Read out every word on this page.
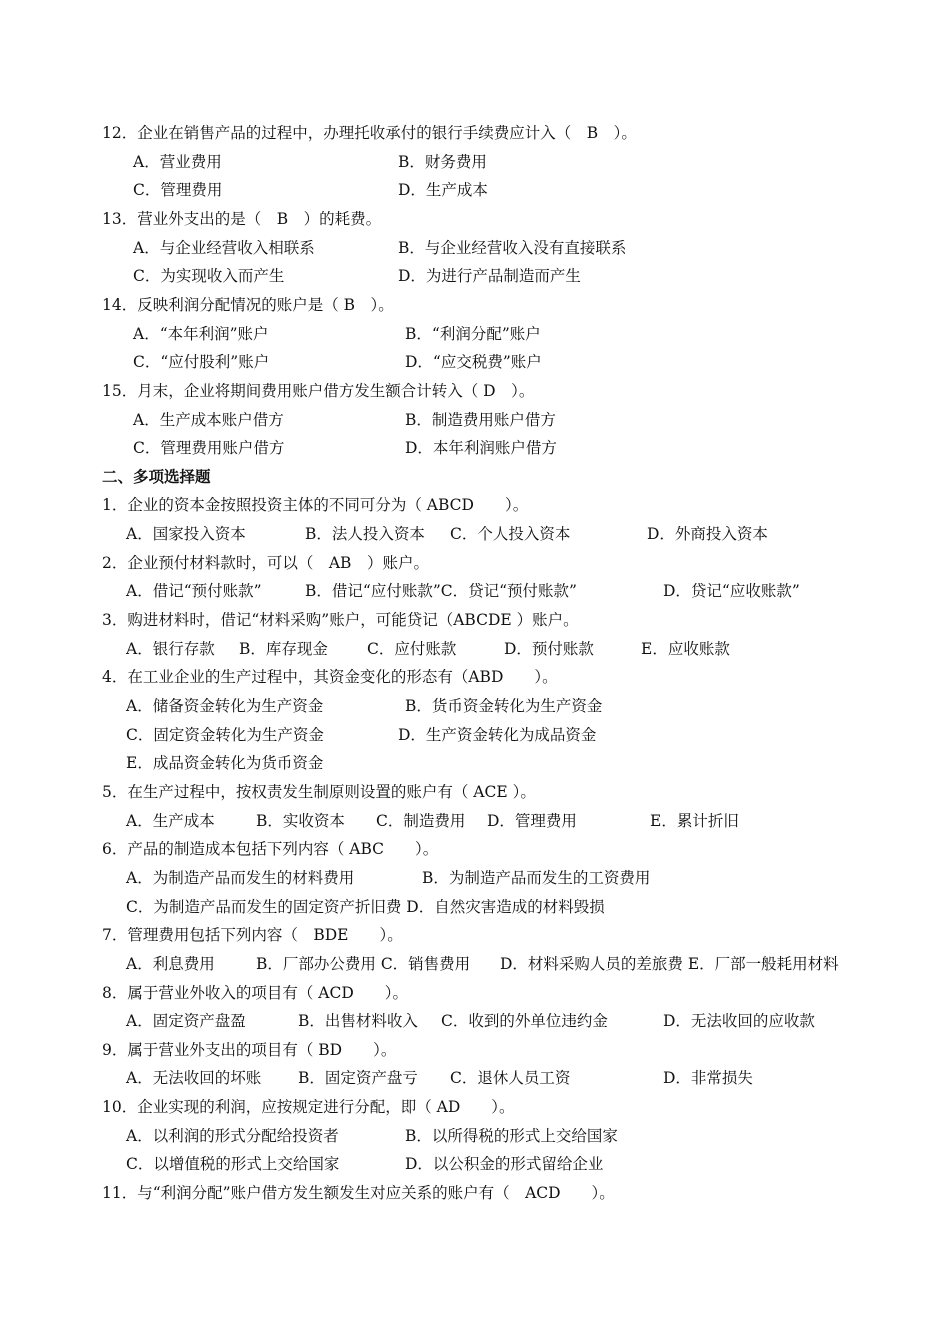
12．企业在销售产品的过程中，办理托收承付的银行手续费应计入（　B　）。
A．营业费用	B．财务费用
C．管理费用	D．生产成本
13．营业外支出的是（　B　）的耗费。
A．与企业经营收入相联系	B．与企业经营收入没有直接联系
C．为实现收入而产生	D．为进行产品制造而产生
14．反映利润分配情况的账户是（ B　）。
A．“本年利润”账户	B．“利润分配”账户
C．“应付股利”账户	D．“应交税费”账户
15．月末，企业将期间费用账户借方发生额合计转入（ D　）。
A．生产成本账户借方	B．制造费用账户借方
C．管理费用账户借方	D．本年利润账户借方
二、多项选择题
1．企业的资本金按照投资主体的不同可分为（ ABCD　　）。
A．国家投入资本	B．法人投入资本 C．个人投入资本	D．外商投入资本
2．企业预付材料款时，可以（　AB　）账户。
A．借记“预付账款”	B．借记“应付账款”C．贷记“预付账款”	D．贷记“应收账款”
3．购进材料时，借记“材料采购”账户，可能贷记（ABCDE ）账户。
A．银行存款 B．库存现金	C．应付账款	D．预付账款	E．应收账款
4．在工业企业的生产过程中，其资金变化的形态有（ABD　　）。
A．储备资金转化为生产资金	B．货币资金转化为生产资金
C．固定资金转化为生产资金	D．生产资金转化为成品资金
E．成品资金转化为货币资金
5．在生产过程中，按权责发生制原则设置的账户有（ ACE ）。
A．生产成本	B．实收资本 C．制造费用 D．管理费用	E．累计折旧
6．产品的制造成本包括下列内容（ ABC　　）。
A．为制造产品而发生的材料费用	B．为制造产品而发生的工资费用
C．为制造产品而发生的固定资产折旧费 D．自然灾害造成的材料毁损
7．管理费用包括下列内容（　BDE　　）。
A．利息费用	B．厂部办公费用 C．销售费用 D．材料采购人员的差旅费 E．厂部一般耗用材料
8．属于营业外收入的项目有（ ACD　　）。
A．固定资产盘盈	B．出售材料收入 C．收到的外单位违约金	D．无法收回的应收款
9．属于营业外支出的项目有（ BD　　）。
A．无法收回的坏账 B．固定资产盘亏 C．退休人员工资	D．非常损失
10．企业实现的利润，应按规定进行分配，即（ AD　　）。
A．以利润的形式分配给投资者	B．以所得税的形式上交给国家
C．以增值税的形式上交给国家	D．以公积金的形式留给企业
11．与“利润分配”账户借方发生额发生对应关系的账户有（　ACD　　）。
